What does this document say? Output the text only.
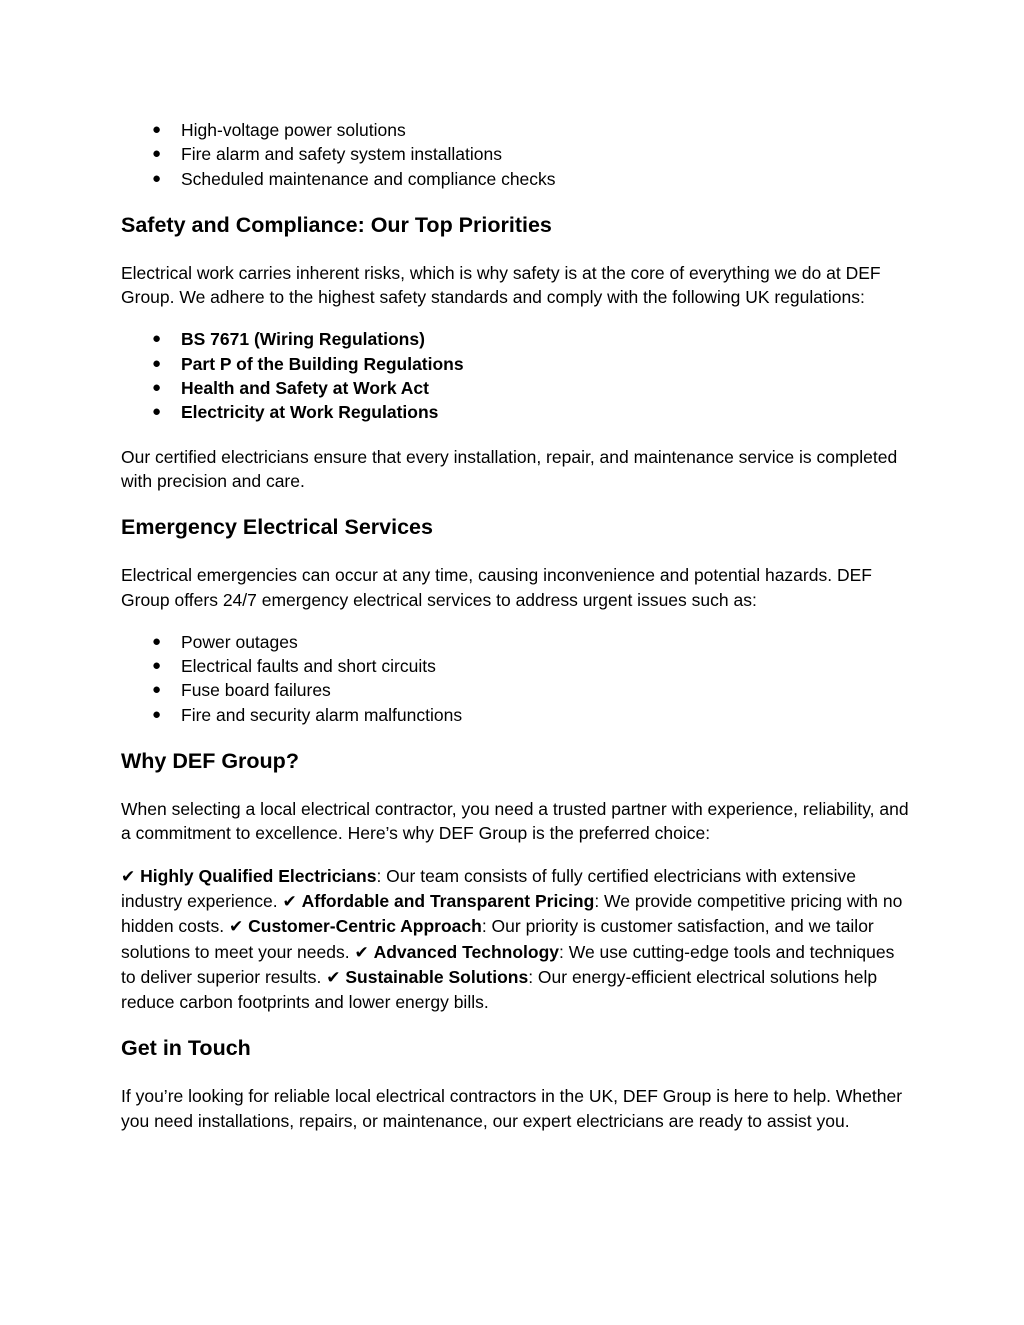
● High-voltage power solutions
● Fire alarm and safety system installations
● Scheduled maintenance and compliance checks
Safety and Compliance: Our Top Priorities

Electrical work carries inherent risks, which is why safety is at the core of everything we do at DEF Group. We adhere to the highest safety standards and comply with the following UK regulations:

● BS 7671 (Wiring Regulations)
● Part P of the Building Regulations
● Health and Safety at Work Act
● Electricity at Work Regulations

Our certified electricians ensure that every installation, repair, and maintenance service is completed with precision and care.

Emergency Electrical Services

Electrical emergencies can occur at any time, causing inconvenience and potential hazards. DEF Group offers 24/7 emergency electrical services to address urgent issues such as:

● Power outages
● Electrical faults and short circuits
● Fuse board failures
● Fire and security alarm malfunctions
Why DEF Group?

When selecting a local electrical contractor, you need a trusted partner with experience, reliability, and a commitment to excellence. Here’s why DEF Group is the preferred choice:

✔ Highly Qualified Electricians: Our team consists of fully certified electricians with extensive industry experience. ✔ Affordable and Transparent Pricing: We provide competitive pricing with no hidden costs. ✔ Customer-Centric Approach: Our priority is customer satisfaction, and we tailor solutions to meet your needs. ✔ Advanced Technology: We use cutting-edge tools and techniques to deliver superior results. ✔ Sustainable Solutions: Our energy-efficient electrical solutions help reduce carbon footprints and lower energy bills.

Get in Touch

If you’re looking for reliable local electrical contractors in the UK, DEF Group is here to help. Whether you need installations, repairs, or maintenance, our expert electricians are ready to assist you.
